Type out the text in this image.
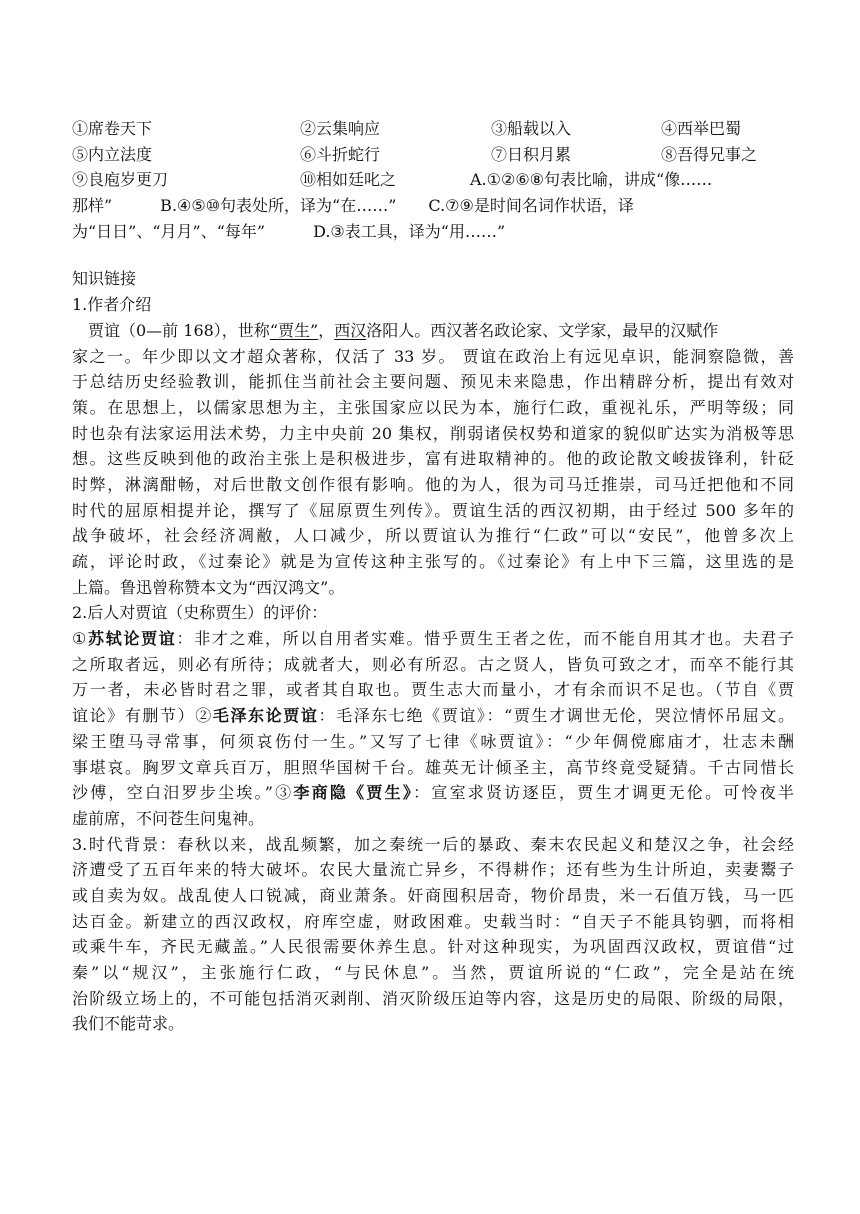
①席卷天下	②云集响应	③船载以入	④西举巴蜀
⑤内立法度	⑥斗折蛇行	⑦日积月累	⑧吾得兄事之
⑨良庖岁更刀	⑩相如廷叱之	A.①②⑥⑧句表比喻，讲成“像……
那样”　　　B.④⑤⑩句表处所，译为“在……”　　C.⑦⑨是时间名词作状语，译
为“日日”、“月月”、“每年”　　　D.③表工具，译为“用……”
知识链接
1.作者介绍
贾谊（0—前 168），世称“贾生”，西汉洛阳人。西汉著名政论家、文学家，最早的汉赋作
家之一。年少即以文才超众著称，仅活了 33 岁。 贾谊在政治上有远见卓识，能洞察隐微，善
于总结历史经验教训，能抓住当前社会主要问题、预见未来隐患，作出精辟分析，提出有效对
策。在思想上，以儒家思想为主，主张国家应以民为本，施行仁政，重视礼乐，严明等级；同
时也杂有法家运用法术势，力主中央前 20 集权，削弱诸侯权势和道家的貌似旷达实为消极等思
想。这些反映到他的政治主张上是积极进步，富有进取精神的。他的政论散文峻拔锋利，针砭
时弊，淋漓酣畅，对后世散文创作很有影响。他的为人，很为司马迁推崇，司马迁把他和不同
时代的屈原相提并论，撰写了《屈原贾生列传》。贾谊生活的西汉初期，由于经过 500 多年的
战争破坏，社会经济凋敝，人口减少，所以贾谊认为推行“仁政”可以“安民”，他曾多次上
疏，评论时政，《过秦论》就是为宣传这种主张写的。《过秦论》有上中下三篇，这里选的是
上篇。鲁迅曾称赞本文为“西汉鸿文”。
2.后人对贾谊（史称贾生）的评价：
①苏轼论贾谊：非才之难，所以自用者实难。惜乎贾生王者之佐，而不能自用其才也。夫君子
之所取者远，则必有所待；成就者大，则必有所忍。古之贤人，皆负可致之才，而卒不能行其
万一者，未必皆时君之罪，或者其自取也。贾生志大而量小，才有余而识不足也。（节自《贾
谊论》有删节）②毛泽东论贾谊：毛泽东七绝《贾谊》：“贾生才调世无伦，哭泣情怀吊屈文。
梁王堕马寻常事，何须哀伤付一生。”又写了七律《咏贾谊》：“少年倜傥廊庙才，壮志未酬
事堪哀。胸罗文章兵百万，胆照华国树千台。雄英无计倾圣主，高节终竟受疑猜。千古同惜长
沙傅，空白汨罗步尘埃。”③李商隐《贾生》：宣室求贤访逐臣，贾生才调更无伦。可怜夜半
虚前席，不问苍生问鬼神。
3.时代背景：春秋以来，战乱频繁，加之秦统一后的暴政、秦末农民起义和楚汉之争，社会经
济遭受了五百年来的特大破坏。农民大量流亡异乡，不得耕作；还有些为生计所迫，卖妻鬻子
或自卖为奴。战乱使人口锐减，商业萧条。奸商囤积居奇，物价昂贵，米一石值万钱，马一匹
达百金。新建立的西汉政权，府库空虚，财政困难。史载当时：“自天子不能具钧驷，而将相
或乘牛车，齐民无藏盖。”人民很需要休养生息。针对这种现实，为巩固西汉政权，贾谊借“过
秦”以“规汉”，主张施行仁政，“与民休息”。当然，贾谊所说的“仁政”，完全是站在统
治阶级立场上的，不可能包括消灭剥削、消灭阶级压迫等内容，这是历史的局限、阶级的局限，
我们不能苛求。
